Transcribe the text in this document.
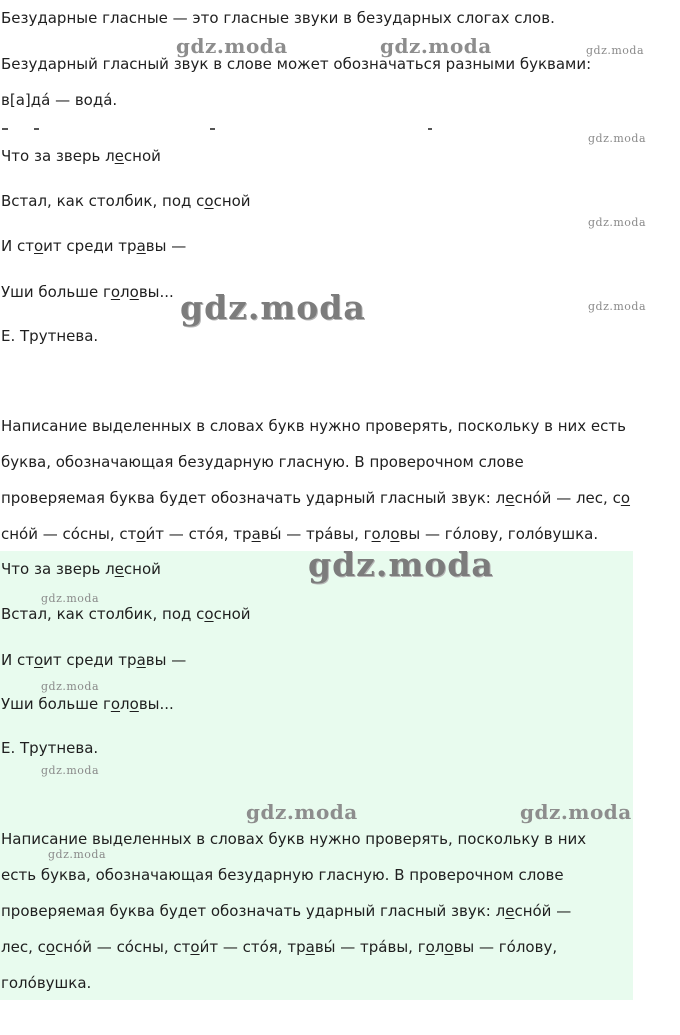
Безударные гласные — это гласные звуки в безударных слогах слов.

Безударный гласный звук в слове может обозначаться разными буквами:

в[а]да́ — вода́.

Что за зверь лесной

Встал, как столбик, под сосной

И стоит среди травы —

Уши больше головы...

Е. Трутнева.

Написание выделенных в словах букв нужно проверять, поскольку в них есть

буква, обозначающая безударную гласную. В проверочном слове

проверяемая буква будет обозначать ударный гласный звук: лесно́й — лес, со

сно́й — со́сны, стои́т — сто́я, травы́ — тра́вы, головы — го́лову, голо́вушка.

Что за зверь лесной

Встал, как столбик, под сосной

И стоит среди травы —

Уши больше головы...

Е. Трутнева.

Написание выделенных в словах букв нужно проверять, поскольку в них

есть буква, обозначающая безударную гласную. В проверочном слове

проверяемая буква будет обозначать ударный гласный звук: лесно́й —

лес, сосно́й — со́сны, стои́т — сто́я, травы́ — тра́вы, головы — го́лову,

голо́вушка.

gdz.moda	gdz.moda	gdz.moda
gdz.moda
gdz.moda
gdz.moda	gdz.moda
gdz.moda
gdz.moda
gdz.moda
gdz.moda
gdz.moda	gdz.moda
gdz.moda
